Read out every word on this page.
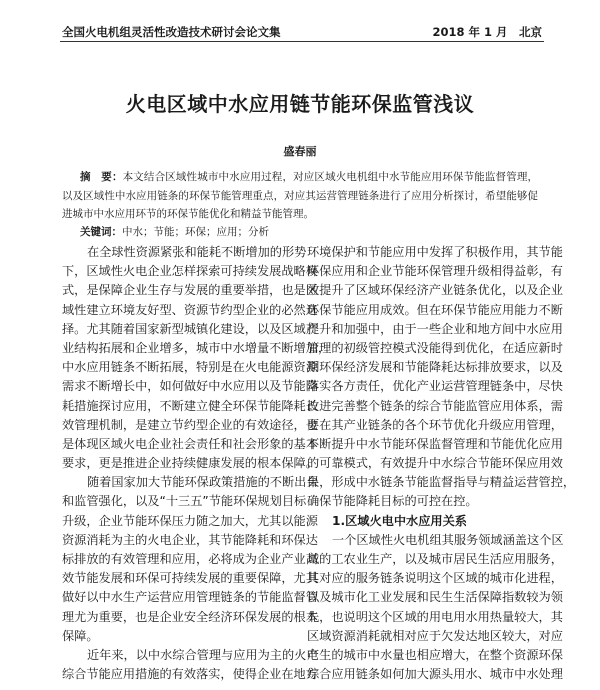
全国火电机组灵活性改造技术研讨会论文集	2018 年 1 月　北京
火电区域中水应用链节能环保监管浅议
盛春丽
摘　要：本文结合区域性城市中水应用过程，对应区域火电机组中水节能应用环保节能监督管理，
以及区域性中水应用链条的环保节能管理重点，对应其运营管理链条进行了应用分析探讨，希望能够促
进城市中水应用环节的环保节能优化和精益节能管理。
关键词：中水；节能；环保；应用；分析
在全球性资源紧张和能耗不断增加的形势
下，区域性火电企业怎样探索可持续发展战略模
式，是保障企业生存与发展的重要举措，也是区
域性建立环境友好型、资源节约型企业的必然选
择。尤其随着国家新型城镇化建设，以及区域产
业结构拓展和企业增多，城市中水增量不断增加，
中水应用链条不断拓展，特别是在火电能源资源
需求不断增长中，如何做好中水应用以及节能降
耗措施探讨应用，不断建立健全环保节能降耗长
效管理机制，是建立节约型企业的有效途径，也
是体现区域火电企业社会责任和社会形象的基本
要求，更是推进企业持续健康发展的根本保障。
随着国家加大节能环保政策措施的不断出台
和监管强化，以及“十三五”节能环保规划目标
升级，企业节能环保压力随之加大，尤其以能源
资源消耗为主的火电企业，其节能降耗和环保达
标排放的有效管理和应用，必将成为企业产业高
效节能发展和环保可持续发展的重要保障，尤其
做好以中水生产运营应用管理链条的节能监督管
理尤为重要，也是企业安全经济环保发展的根本
保障。
近年来，以中水综合管理与应用为主的火电
综合节能应用措施的有效落实，使得企业在地方
环境保护和节能应用中发挥了积极作用，其节能
环保应用和企业节能环保管理升级相得益彰，有
效提升了区域环保经济产业链条优化，以及企业
环保节能应用成效。但在环保节能应用能力不断
提升和加强中，由于一些企业和地方间中水应用
管理的初级管控模式没能得到优化，在适应新时
期环保经济发展和节能降耗达标排放要求，以及
落实各方责任，优化产业运营管理链条中，尽快
改进完善整个链条的综合节能监管应用体系，需
要在其产业链条的各个环节优化升级应用管理，
不断提升中水节能环保监督管理和节能优化应用
的可靠模式，有效提升中水综合节能环保应用效
果，形成中水链条节能监督指导与精益运营管控，
确保节能降耗目标的可控在控。
1.区域火电中水应用关系
一个区域性火电机组其服务领域涵盖这个区
域的工农业生产，以及城市居民生活应用服务，
其对应的服务链条说明这个区域的城市化进程，
以及城市化工业发展和民生生活保障指数较为领
先，也说明这个区域的用电用水用热量较大，其
区域资源消耗就相对应于欠发达地区较大，对应
产生的城市中水量也相应增大，在整个资源环保
综合应用链条如何加大源头用水、城市中水处理
